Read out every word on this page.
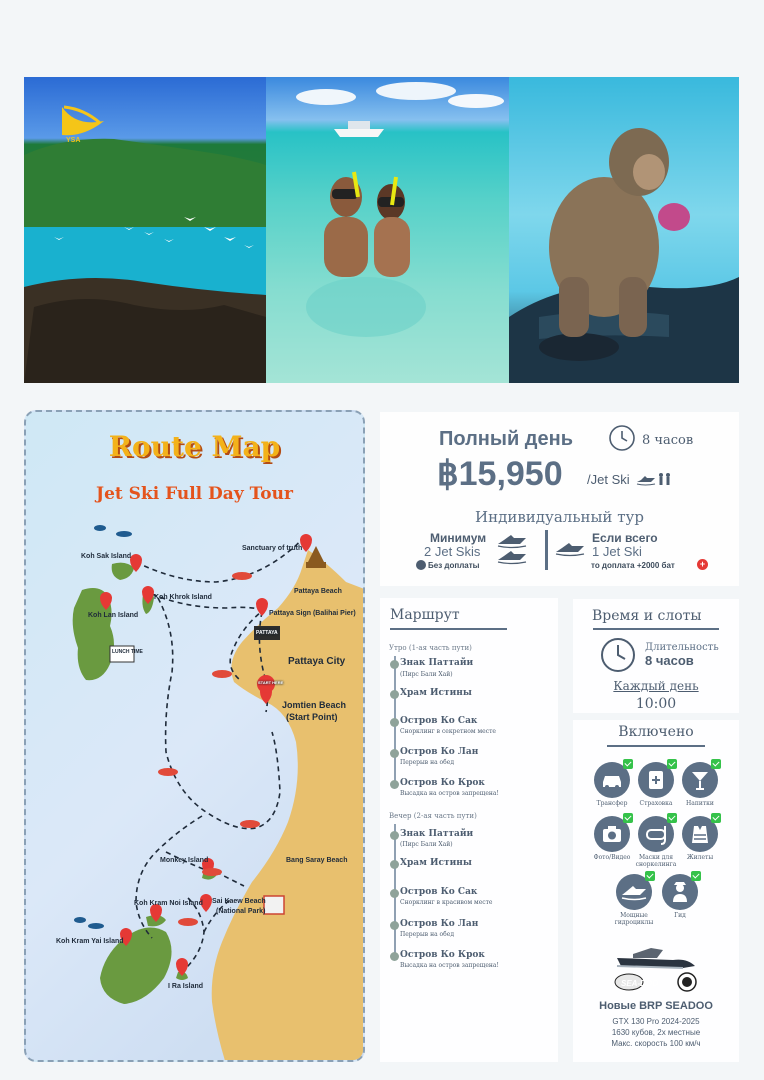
YSA
Route Map
Jet Ski Full Day Tour
Koh Sak Island
Koh Lan Island
Koh Khrok Island
Sanctuary of truth
Pattaya Beach
Pattaya Sign (Balihai Pier)
Pattaya City
Jomtien Beach
(Start Point)
START HERE
LUNCH TIME
PATTAYA
Monkey Island	Bang Saray Beach
Sai Kaew Beach
(National Park)
Koh Kram Noi Island
Koh Kram Yai Island
I Ra Island
Полный день	8 часов
฿15,950 /Jet Ski
Индивидуальный тур
Минимум
2 Jet Skis
Без доплаты
Если всего
1 Jet Ski
то доплата +2000 бат	+
Маршрут
Утро (1-ая часть пути)
Знак Паттайи
(Пирс Бали Хай)
Храм Истины
Остров Ко Сак
Снорклинг в секретном месте
Остров Ко Лан
Перерыв на обед
Остров Ко Крок
Высадка на остров запрещена!
Вечер (2-ая часть пути)
Знак Паттайи
(Пирс Бали Хай)
Храм Истины
Остров Ко Сак
Снорклинг в красивом месте
Остров Ко Лан
Перерыв на обед
Остров Ко Крок
Высадка на остров запрещена!
Время и слоты
Длительность
8 часов
Каждый день
10:00
Включено
Трансфер	Страховка	Напитки
Фото/Видео	Маски для сноркелинга
Жилеты
Мощные гидроциклы
Гид
SEA-DOO
Новые BRP SEADOO
GTX 130 Pro 2024-2025
1630 кубов, 2х местные
Макс. скорость 100 км/ч
